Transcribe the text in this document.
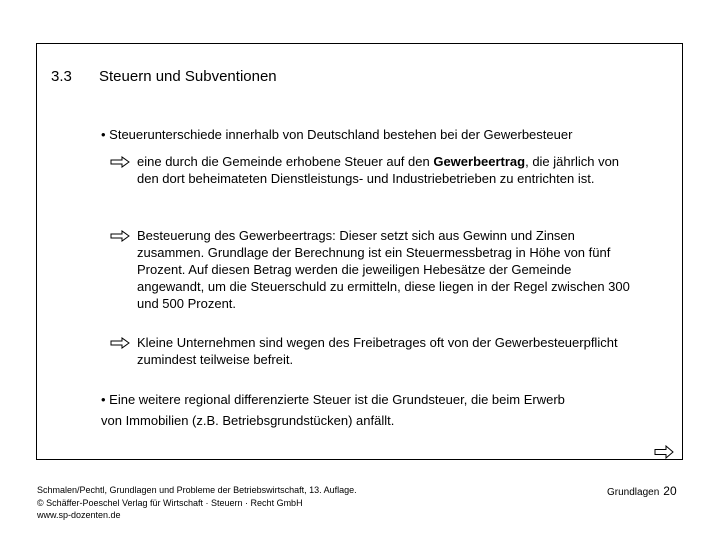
3.3 Steuern und Subventionen
• Steuerunterschiede innerhalb von Deutschland bestehen bei der Gewerbesteuer
eine durch die Gemeinde erhobene Steuer auf den Gewerbeertrag, die jährlich von den dort beheimateten Dienstleistungs- und Industriebetrieben zu entrichten ist.
Besteuerung des Gewerbeertrags: Dieser setzt sich aus Gewinn und Zinsen zusammen. Grundlage der Berechnung ist ein Steuermessbetrag in Höhe von fünf Prozent. Auf diesen Betrag werden die jeweiligen Hebesätze der Gemeinde angewandt, um die Steuerschuld zu ermitteln, diese liegen in der Regel zwischen 300 und 500 Prozent.
Kleine Unternehmen sind wegen des Freibetrages oft von der Gewerbesteuerpflicht zumindest teilweise befreit.
• Eine weitere regional differenzierte Steuer ist die Grundsteuer, die beim Erwerb
von Immobilien (z.B. Betriebsgrundstücken) anfällt.
Schmalen/Pechtl, Grundlagen und Probleme der Betriebswirtschaft, 13. Auflage.
© Schäffer-Poeschel Verlag für Wirtschaft · Steuern · Recht GmbH
www.sp-dozenten.de
Grundlagen 20
